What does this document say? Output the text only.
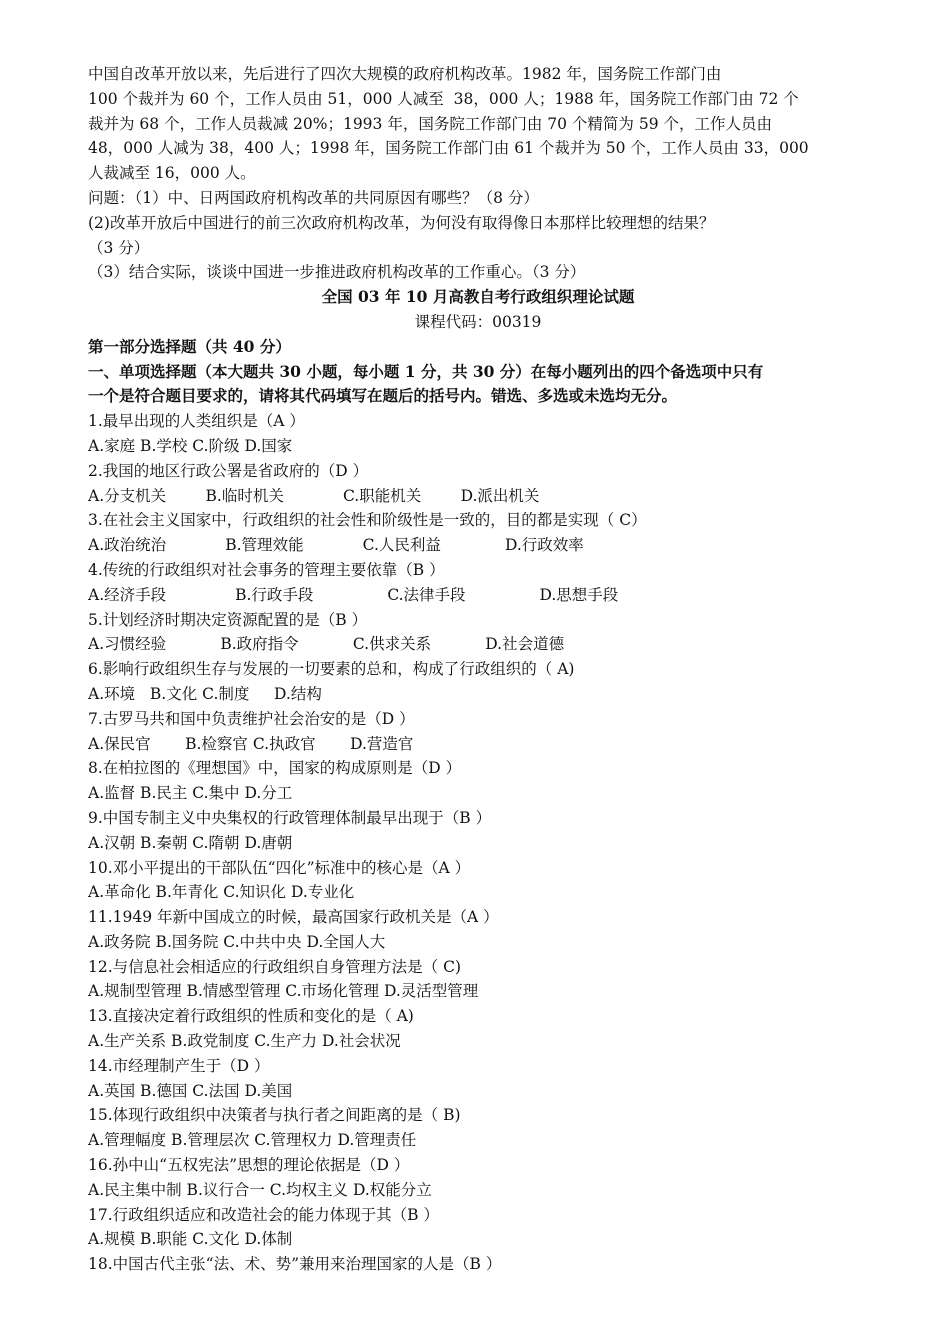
中国自改革开放以来，先后进行了四次大规模的政府机构改革。1982 年，国务院工作部门由

100 个裁并为 60 个，工作人员由 51，000 人减至  38，000 人；1988 年，国务院工作部门由 72 个

裁并为 68 个，工作人员裁减 20%；1993 年，国务院工作部门由 70 个精简为 59 个，工作人员由

48，000 人减为 38，400 人；1998 年，国务院工作部门由 61 个裁并为 50 个，工作人员由 33，000

人裁减至 16，000 人。

问题：（1）中、日两国政府机构改革的共同原因有哪些？（8 分）

(2)改革开放后中国进行的前三次政府机构改革，为何没有取得像日本那样比较理想的结果？

（3 分）

（3）结合实际，谈谈中国进一步推进政府机构改革的工作重心。（3 分）

全国 03 年 10 月高教自考行政组织理论试题

课程代码：00319

第一部分选择题（共 40 分）

一、单项选择题（本大题共 30 小题，每小题 1 分，共 30 分）在每小题列出的四个备选项中只有

一个是符合题目要求的，请将其代码填写在题后的括号内。错选、多选或未选均无分。

1.最早出现的人类组织是（A ）

A.家庭 B.学校 C.阶级 D.国家

2.我国的地区行政公署是省政府的（D ）

A.分支机关        B.临时机关            C.职能机关        D.派出机关

3.在社会主义国家中，行政组织的社会性和阶级性是一致的，目的都是实现（ C）

A.政治统治            B.管理效能            C.人民利益             D.行政效率

4.传统的行政组织对社会事务的管理主要依靠（B ）

A.经济手段              B.行政手段               C.法律手段               D.思想手段

5.计划经济时期决定资源配置的是（B ）

A.习惯经验           B.政府指令           C.供求关系           D.社会道德

6.影响行政组织生存与发展的一切要素的总和，构成了行政组织的（ A)

A.环境   B.文化 C.制度     D.结构

7.古罗马共和国中负责维护社会治安的是（D ）

A.保民官       B.检察官 C.执政官       D.营造官

8.在柏拉图的《理想国》中，国家的构成原则是（D ）

A.监督 B.民主 C.集中 D.分工

9.中国专制主义中央集权的行政管理体制最早出现于（B ）

A.汉朝 B.秦朝 C.隋朝 D.唐朝

10.邓小平提出的干部队伍“四化”标准中的核心是（A ）

A.革命化 B.年青化 C.知识化 D.专业化

11.1949 年新中国成立的时候，最高国家行政机关是（A ）

A.政务院 B.国务院 C.中共中央 D.全国人大

12.与信息社会相适应的行政组织自身管理方法是（ C)

A.规制型管理 B.情感型管理 C.市场化管理 D.灵活型管理

13.直接决定着行政组织的性质和变化的是（ A)

A.生产关系 B.政党制度 C.生产力 D.社会状况

14.市经理制产生于（D ）

A.英国 B.德国 C.法国 D.美国

15.体现行政组织中决策者与执行者之间距离的是（ B)

A.管理幅度 B.管理层次 C.管理权力 D.管理责任

16.孙中山“五权宪法”思想的理论依据是（D ）

A.民主集中制 B.议行合一 C.均权主义 D.权能分立

17.行政组织适应和改造社会的能力体现于其（B ）

A.规模 B.职能 C.文化 D.体制

18.中国古代主张“法、术、势”兼用来治理国家的人是（B ）
